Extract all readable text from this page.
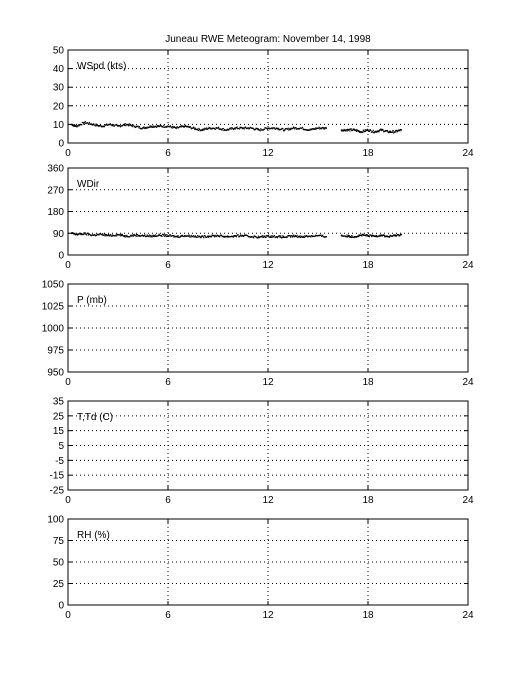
Juneau RWE Meteogram: November 14, 1998
0	6	12	18	24
0
10
20
30
40
50
WSpd (kts)
0	6	12	18	24
0
90
180
270
360
WDir
0	6	12	18	24
950
975
1000
1025
1050
P (mb)
0	6	12	18	24
-25
-15
-5
5
15
25
35
T,Td (C)
0	6	12	18	24
0
25
50
75
100
RH (%)
